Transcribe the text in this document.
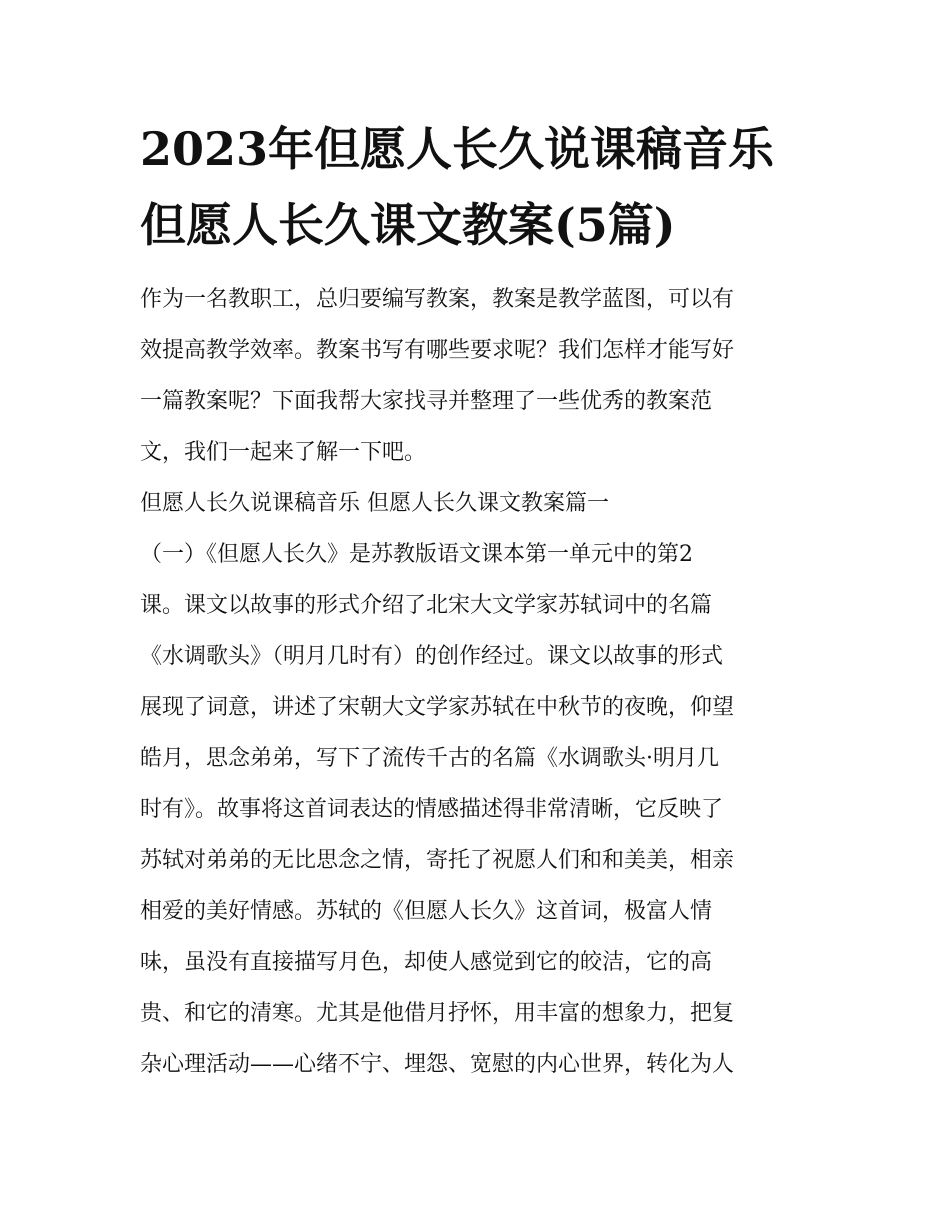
2023年但愿人长久说课稿音乐
但愿人长久课文教案(5篇)
作为一名教职工，总归要编写教案，教案是教学蓝图，可以有
效提高教学效率。教案书写有哪些要求呢？我们怎样才能写好
一篇教案呢？下面我帮大家找寻并整理了一些优秀的教案范
文，我们一起来了解一下吧。
但愿人长久说课稿音乐 但愿人长久课文教案篇一
（一）《但愿人长久》是苏教版语文课本第一单元中的第2
课。课文以故事的形式介绍了北宋大文学家苏轼词中的名篇
《水调歌头》（明月几时有）的创作经过。课文以故事的形式
展现了词意，讲述了宋朝大文学家苏轼在中秋节的夜晚，仰望
皓月，思念弟弟，写下了流传千古的名篇《水调歌头·明月几
时有》。故事将这首词表达的情感描述得非常清晰，它反映了
苏轼对弟弟的无比思念之情，寄托了祝愿人们和和美美，相亲
相爱的美好情感。苏轼的《但愿人长久》这首词，极富人情
味，虽没有直接描写月色，却使人感觉到它的皎洁，它的高
贵、和它的清寒。尤其是他借月抒怀，用丰富的想象力，把复
杂心理活动——心绪不宁、埋怨、宽慰的内心世界，转化为人
